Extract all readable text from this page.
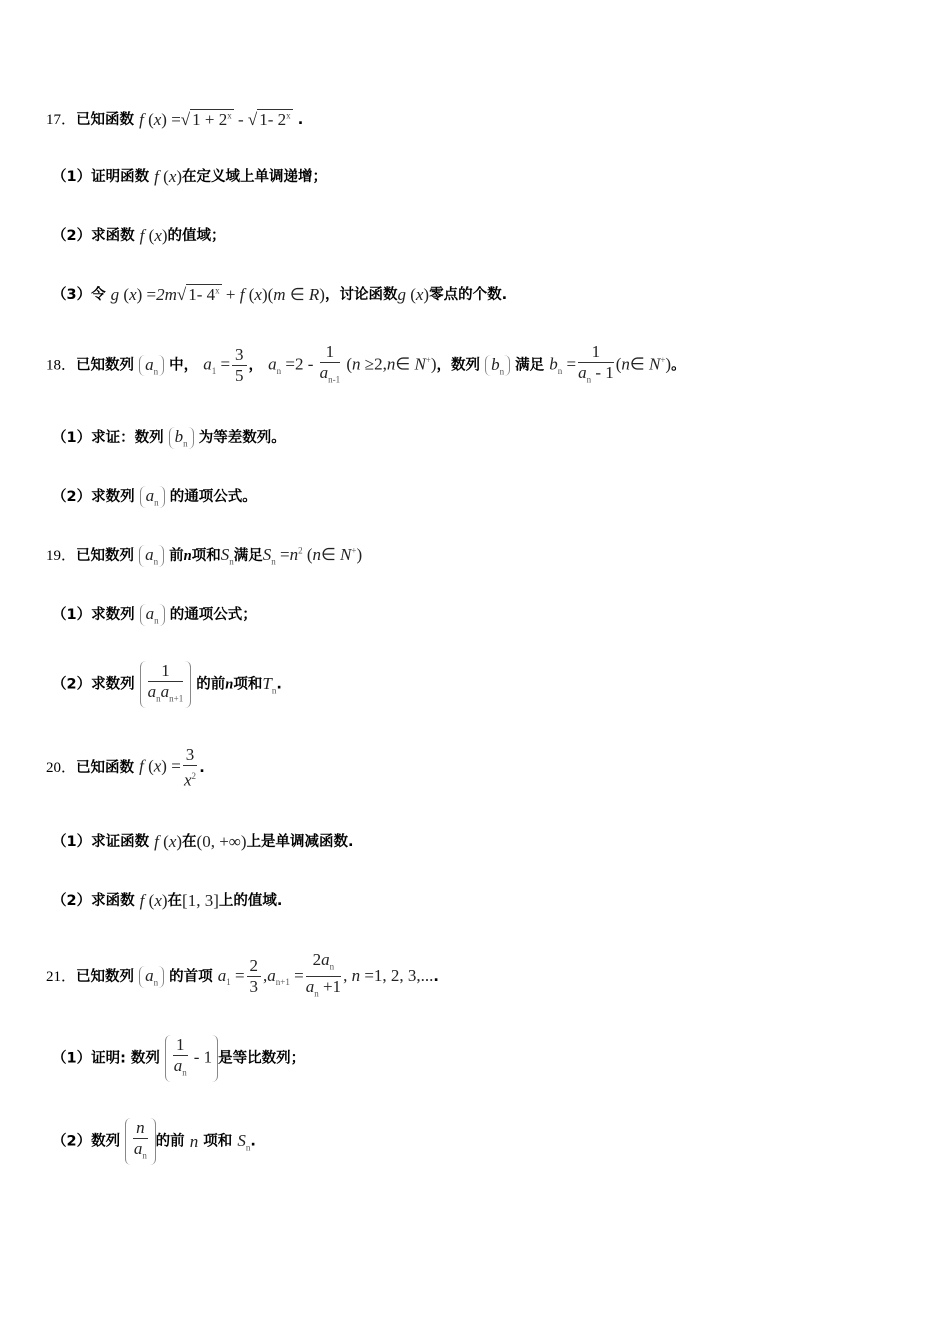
17．已知函数 f (x) =√ $1 + 2^x$ - √ 1- 2$^x$ .
（1）证明函数 f (x)在定义域上单调递增；
（2）求函数 f (x)的值域；
（3）令 g (x) =2m√ 1- $4^x + f$ (x)(m ∈ R)，讨论函数g (x)零点的个数.
18．已知数列 $a_n$ 中， $a_1 = \frac{3}{5}$ ， $a_n =2 - \frac{1}{a_{n-1}} (n$ ≥2,n∈ N+)，数列 $b_n$ 满足 $b_n = \frac{1}{a_n - 1}$ (n∈ N+)。
（1）求证：数列 $b_n$ 为等差数列。
（2）求数列 $a_n$ 的通项公式。
19．已知数列 $a_n$ 前n项和$S_n$满足$S_n =n^2$ (n∈ N+)
（1）求数列 $a_n$ 的通项公式；
（2）求数列 $\frac{1}{a_na_{n+1}}$ 的前n项和$T_n$.
20．已知函数 f $(x) = \frac{3}{x^2}$ .
（1）求证函数 f (x)在(0, +∞)上是单调减函数.
（2）求函数 f (x)在[1, 3]上的值域.
21．已知数列 $a_n$ 的首项 $a_1 = \frac{2}{3} ,a_{n+1} = \frac{2a_n}{a_n +1}$ , n =1, 2, 3,....
（1）证明: 数列 $\frac{1}{a_n} - 1$ 是等比数列；
（2）数列 $\frac{n}{a_n}$ 的前 n 项和 $S_n$.
